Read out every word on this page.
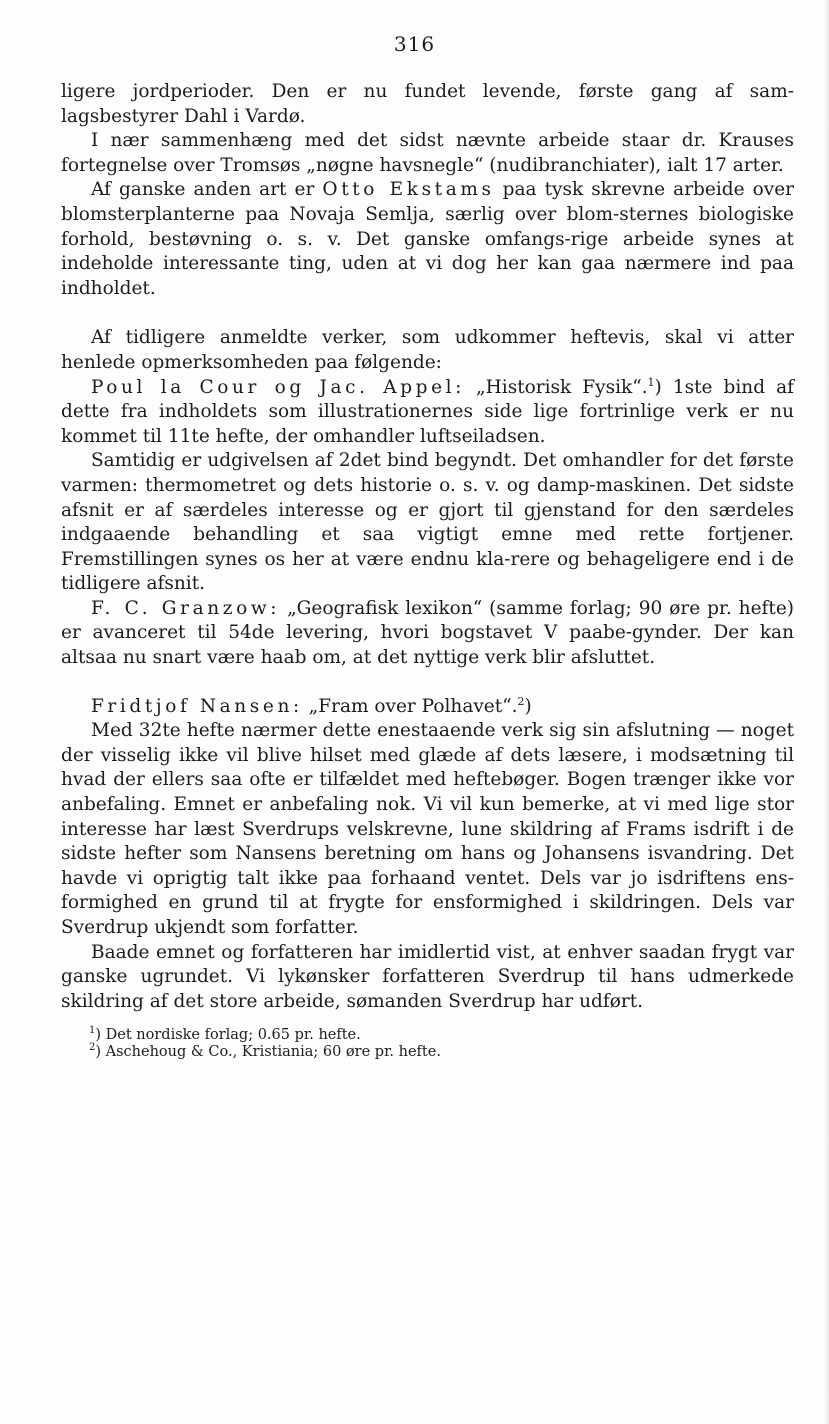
316

ligere jordperioder. Den er nu fundet levende, første gang af sam-lagsbestyrer Dahl i Vardø.

I nær sammenhæng med det sidst nævnte arbeide staar dr. Krauses fortegnelse over Tromsøs „nøgne havsnegle“ (nudibranchiater), ialt 17 arter.

Af ganske anden art er Otto Ekstams paa tysk skrevne arbeide over blomsterplanterne paa Novaja Semlja, særlig over blom-sternes biologiske forhold, bestøvning o. s. v. Det ganske omfangs-rige arbeide synes at indeholde interessante ting, uden at vi dog her kan gaa nærmere ind paa indholdet.

Af tidligere anmeldte verker, som udkommer heftevis, skal vi atter henlede opmerksomheden paa følgende:

Poul la Cour og Jac. Appel: „Historisk Fysik“.$^1$) 1ste bind af dette fra indholdets som illustrationernes side lige fortrinlige verk er nu kommet til 11te hefte, der omhandler luftseiladsen.

Samtidig er udgivelsen af 2det bind begyndt. Det omhandler for det første varmen: thermometret og dets historie o. s. v. og damp-maskinen. Det sidste afsnit er af særdeles interesse og er gjort til gjenstand for den særdeles indgaaende behandling et saa vigtigt emne med rette fortjener. Fremstillingen synes os her at være endnu kla-rere og behageligere end i de tidligere afsnit.

F. C. Granzow: „Geografisk lexikon“ (samme forlag; 90 øre pr. hefte) er avanceret til 54de levering, hvori bogstavet V paabe-gynder. Der kan altsaa nu snart være haab om, at det nyttige verk blir afsluttet.

Fridtjof Nansen: „Fram over Polhavet“.$^2$)

Med 32te hefte nærmer dette enestaaende verk sig sin afslutning — noget der visselig ikke vil blive hilset med glæde af dets læsere, i modsætning til hvad der ellers saa ofte er tilfældet med heftebøger. Bogen trænger ikke vor anbefaling. Emnet er anbefaling nok. Vi vil kun bemerke, at vi med lige stor interesse har læst Sverdrups velskrevne, lune skildring af Frams isdrift i de sidste hefter som Nansens beretning om hans og Johansens isvandring. Det havde vi oprigtig talt ikke paa forhaand ventet. Dels var jo isdriftens ens-formighed en grund til at frygte for ensformighed i skildringen. Dels var Sverdrup ukjendt som forfatter.

Baade emnet og forfatteren har imidlertid vist, at enhver saadan frygt var ganske ugrundet. Vi lykønsker forfatteren Sverdrup til hans udmerkede skildring af det store arbeide, sømanden Sverdrup har udført.

$^1$) Det nordiske forlag; 0.65 pr. hefte.

$^2$) Aschehoug & Co., Kristiania; 60 øre pr. hefte.
